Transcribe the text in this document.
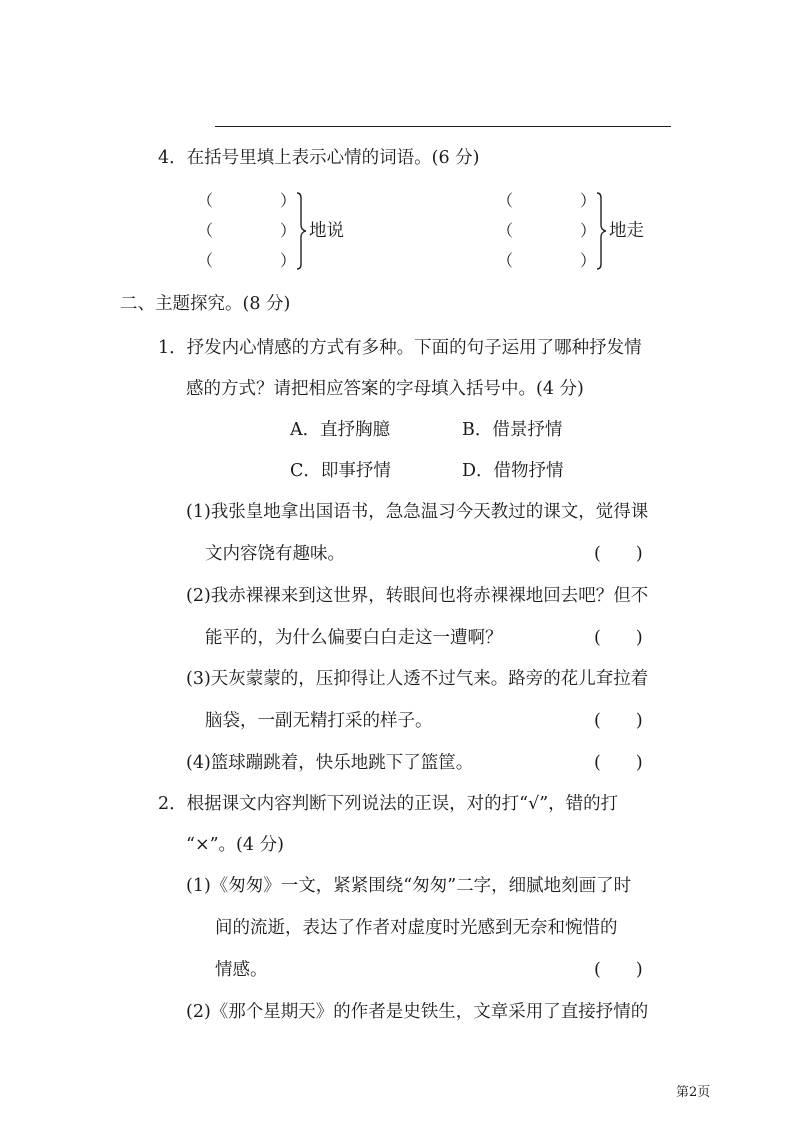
4．在括号里填上表示心情的词语。(6 分)
（	）
（	）
（	）
地说
（	）
（	）
（	）
地走
二、主题探究。(8 分)
1．抒发内心情感的方式有多种。下面的句子运用了哪种抒发情
感的方式？请把相应答案的字母填入括号中。(4 分)
A．直抒胸臆	B．借景抒情
C．即事抒情	D．借物抒情
(1)我张皇地拿出国语书，急急温习今天教过的课文，觉得课
文内容饶有趣味。	(　　)
(2)我赤裸裸来到这世界，转眼间也将赤裸裸地回去吧？但不
能平的，为什么偏要白白走这一遭啊？	(　　)
(3)天灰蒙蒙的，压抑得让人透不过气来。路旁的花儿耷拉着
脑袋，一副无精打采的样子。	(　　)
(4)篮球蹦跳着，快乐地跳下了篮筐。	(　　)
2．根据课文内容判断下列说法的正误，对的打“√”，错的打
“×”。(4 分)
(1)《匆匆》一文，紧紧围绕“匆匆”二字，细腻地刻画了时
间的流逝，表达了作者对虚度时光感到无奈和惋惜的
情感。	(　　)
(2)《那个星期天》的作者是史铁生，文章采用了直接抒情的
第2页
